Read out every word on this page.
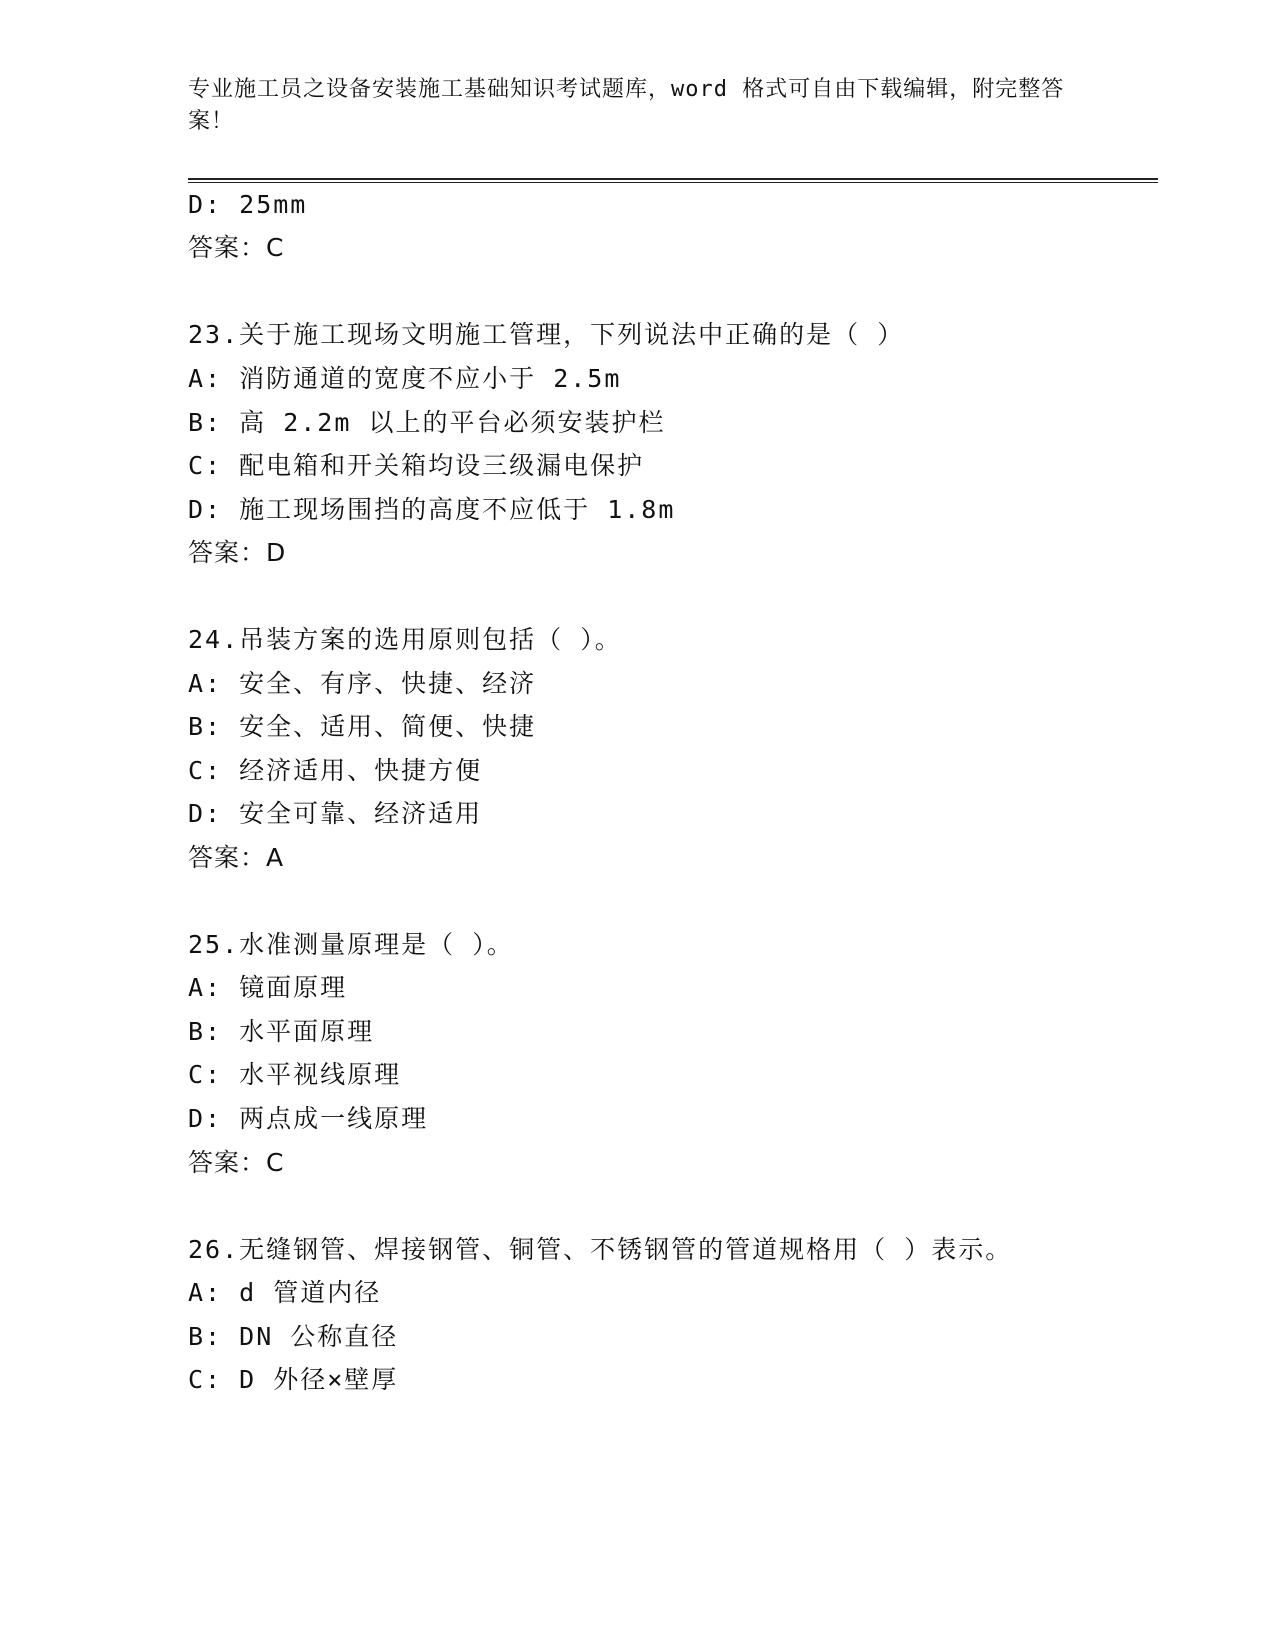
专业施工员之设备安装施工基础知识考试题库，word 格式可自由下载编辑，附完整答案！
D: 25mm
答案：C
23.关于施工现场文明施工管理，下列说法中正确的是（ ）
A: 消防通道的宽度不应小于 2.5m
B: 高 2.2m 以上的平台必须安装护栏
C: 配电箱和开关箱均设三级漏电保护
D: 施工现场围挡的高度不应低于 1.8m
答案：D
24.吊装方案的选用原则包括（ ）。
A: 安全、有序、快捷、经济
B: 安全、适用、简便、快捷
C: 经济适用、快捷方便
D: 安全可靠、经济适用
答案：A
25.水准测量原理是（ ）。
A: 镜面原理
B: 水平面原理
C: 水平视线原理
D: 两点成一线原理
答案：C
26.无缝钢管、焊接钢管、铜管、不锈钢管的管道规格用（ ）表示。
A: d 管道内径
B: DN 公称直径
C: D 外径×壁厚
